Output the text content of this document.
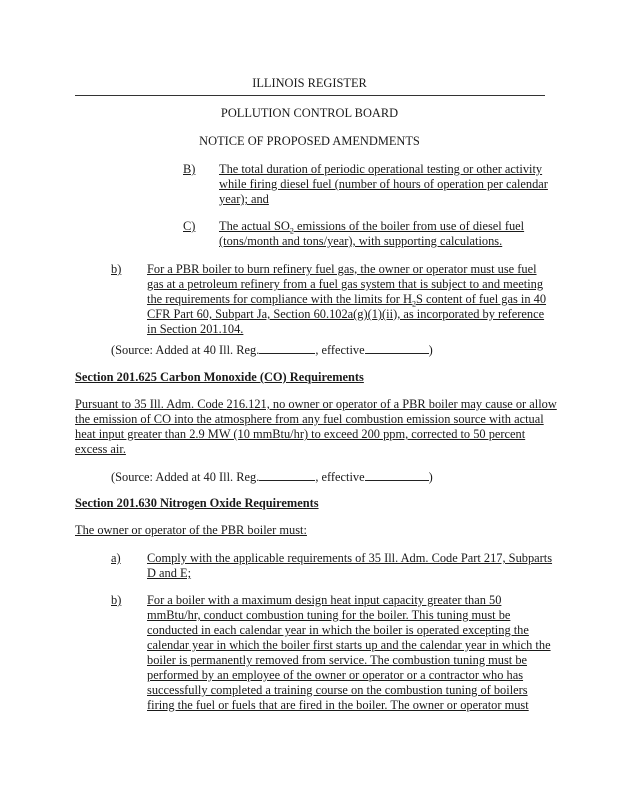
ILLINOIS REGISTER
POLLUTION CONTROL BOARD
NOTICE OF PROPOSED AMENDMENTS
B) The total duration of periodic operational testing or other activity
while firing diesel fuel (number of hours of operation per calendar
year); and
C) The actual $SO_2$ emissions of the boiler from use of diesel fuel
(tons/month and tons/year), with supporting calculations.
b) For a PBR boiler to burn refinery fuel gas, the owner or operator must use fuel
gas at a petroleum refinery from a fuel gas system that is subject to and meeting
the requirements for compliance with the limits for $H_2S$ content of fuel gas in 40
CFR Part 60, Subpart Ja, Section 60.102a(g)(1)(ii), as incorporated by reference
in Section 201.104.
(Source: Added at 40 Ill. Reg.	, effective	)
Section 201.625 Carbon Monoxide (CO) Requirements
Pursuant to 35 Ill. Adm. Code 216.121, no owner or operator of a PBR boiler may cause or allow
the emission of CO into the atmosphere from any fuel combustion emission source with actual
heat input greater than 2.9 MW (10 mmBtu/hr) to exceed 200 ppm, corrected to 50 percent
excess air.
(Source: Added at 40 Ill. Reg.	, effective	)
Section 201.630 Nitrogen Oxide Requirements
The owner or operator of the PBR boiler must:
a) Comply with the applicable requirements of 35 Ill. Adm. Code Part 217, Subparts
D and E;
b) For a boiler with a maximum design heat input capacity greater than 50
mmBtu/hr, conduct combustion tuning for the boiler. This tuning must be
conducted in each calendar year in which the boiler is operated excepting the
calendar year in which the boiler first starts up and the calendar year in which the
boiler is permanently removed from service. The combustion tuning must be
performed by an employee of the owner or operator or a contractor who has
successfully completed a training course on the combustion tuning of boilers
firing the fuel or fuels that are fired in the boiler. The owner or operator must
